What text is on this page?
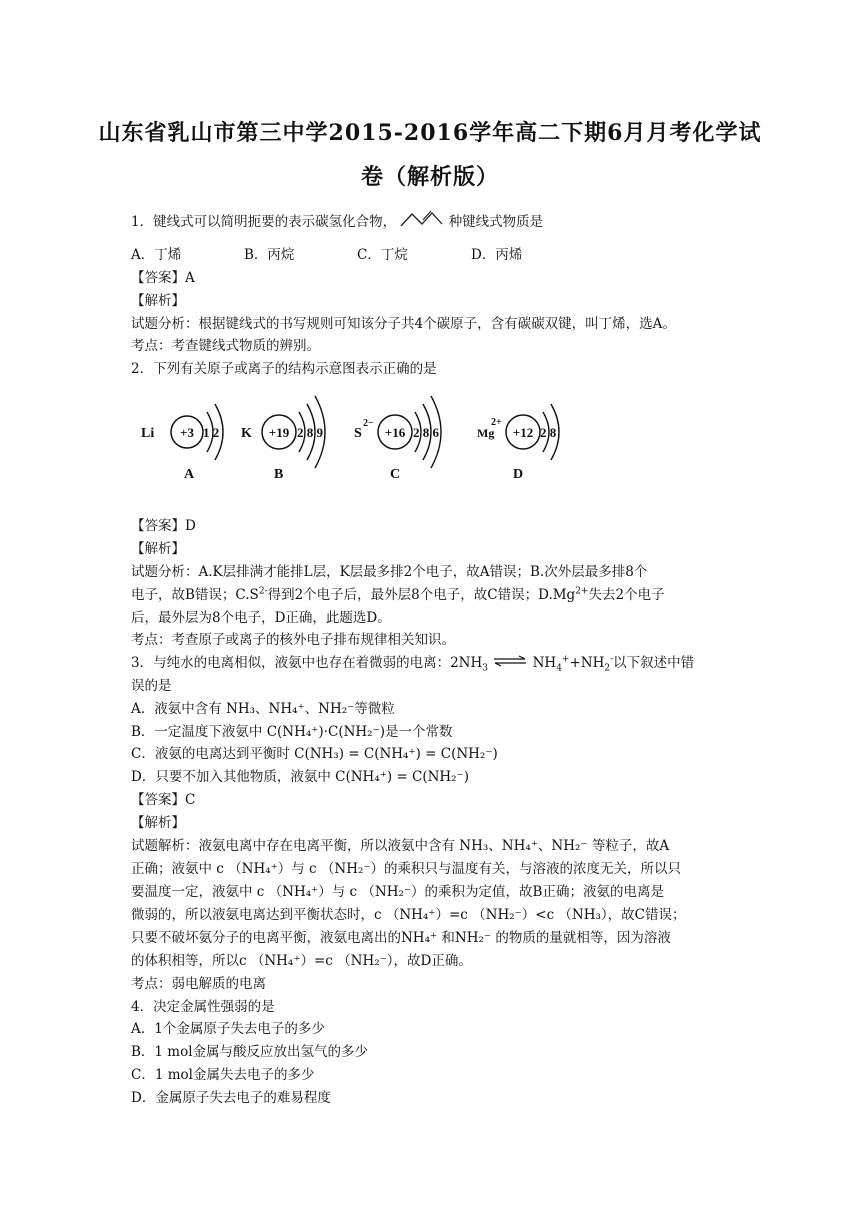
山东省乳山市第三中学2015-2016学年高二下期6月月考化学试
卷（解析版）
1．键线式可以简明扼要的表示碳氢化合物，	种键线式物质是
A．丁烯	B．丙烷	C．丁烷	D．丙烯
【答案】A
【解析】
试题分析：根据键线式的书写规则可知该分子共4个碳原子，含有碳碳双键，叫丁烯，选A。
考点：考查键线式物质的辨别。
2．下列有关原子或离子的结构示意图表示正确的是
Li +3 1 2
A
K +19 2 8 9
B
S
2−
+16 2 8 6
C
Mg
2+
+12 2 8
D
【答案】D
【解析】
试题分析：A.K层排满才能排L层，K层最多排2个电子，故A错误；B.次外层最多排8个
电子，故B错误；$C.S^{2-}$得到2个电子后，最外层8个电子，故C错误；$D.Mg^{2+}$失去2个电子
后，最外层为8个电子，D正确，此题选D。
考点：考查原子或离子的核外电子排布规律相关知识。
3．与纯水的电离相似，液氨中也存在着微弱的电离：$2NH_3$ ⇌ $NH_4^++NH_2^-$以下叙述中错
误的是
A．液氨中含有 NH₃、NH₄⁺、NH₂⁻等微粒
B．一定温度下液氨中 C(NH₄⁺)·C(NH₂⁻)是一个常数
C．液氨的电离达到平衡时 C(NH₃) = C(NH₄⁺) = C(NH₂⁻)
D．只要不加入其他物质，液氨中 C(NH₄⁺) = C(NH₂⁻)
【答案】C
【解析】
试题解析：液氨电离中存在电离平衡，所以液氨中含有 NH₃、NH₄⁺、NH₂⁻ 等粒子，故A
正确；液氨中 c （NH₄⁺）与 c （NH₂⁻）的乘积只与温度有关，与溶液的浓度无关，所以只
要温度一定，液氨中 c （NH₄⁺）与 c （NH₂⁻）的乘积为定值，故B正确；液氨的电离是
微弱的，所以液氨电离达到平衡状态时，c （NH₄⁺）=c （NH₂⁻）<c （NH₃），故C错误；
只要不破坏氨分子的电离平衡，液氨电离出的NH₄⁺ 和NH₂⁻ 的物质的量就相等，因为溶液
的体积相等，所以c （NH₄⁺）=c （NH₂⁻），故D正确。
考点：弱电解质的电离
4．决定金属性强弱的是
A．1个金属原子失去电子的多少
B．1 mol金属与酸反应放出氢气的多少
C．1 mol金属失去电子的多少
D．金属原子失去电子的难易程度
